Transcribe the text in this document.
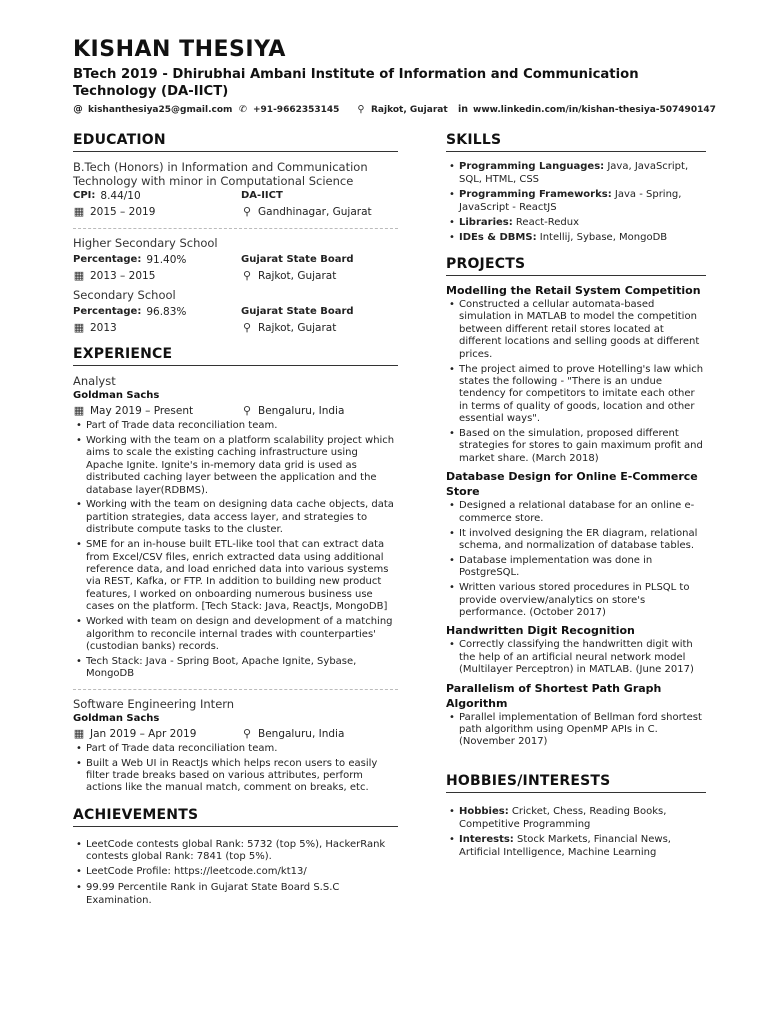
KISHAN THESIYA
BTech 2019 - Dhirubhai Ambani Institute of Information and Communication Technology (DA-IICT)
@ kishanthesiya25@gmail.com ✆ +91-9662353145 ⚲ Rajkot, Gujarat in www.linkedin.com/in/kishan-thesiya-507490147
EDUCATION
B.Tech (Honors) in Information and Communication Technology with minor in Computational Science
CPI: 8.44/10	DA-IICT
▦ 2015 – 2019	⚲ Gandhinagar, Gujarat
Higher Secondary School
Percentage: 91.40%	Gujarat State Board
▦ 2013 – 2015	⚲ Rajkot, Gujarat
Secondary School
Percentage: 96.83%	Gujarat State Board
▦ 2013	⚲ Rajkot, Gujarat
EXPERIENCE
Analyst
Goldman Sachs
▦ May 2019 – Present	⚲ Bengaluru, India
• Part of Trade data reconciliation team.
• Working with the team on a platform scalability project which aims to scale the existing caching infrastructure using Apache Ignite. Ignite's in-memory data grid is used as distributed caching layer between the application and the database layer(RDBMS).
• Working with the team on designing data cache objects, data partition strategies, data access layer, and strategies to distribute compute tasks to the cluster.
• SME for an in-house built ETL-like tool that can extract data from Excel/CSV files, enrich extracted data using additional reference data, and load enriched data into various systems via REST, Kafka, or FTP. In addition to building new product features, I worked on onboarding numerous business use cases on the platform. [Tech Stack: Java, ReactJs, MongoDB]
• Worked with team on design and development of a matching algorithm to reconcile internal trades with counterparties' (custodian banks) records.
• Tech Stack: Java - Spring Boot, Apache Ignite, Sybase, MongoDB
Software Engineering Intern
Goldman Sachs
▦ Jan 2019 – Apr 2019	⚲ Bengaluru, India
• Part of Trade data reconciliation team.
• Built a Web UI in ReactJs which helps recon users to easily filter trade breaks based on various attributes, perform actions like the manual match, comment on breaks, etc.
ACHIEVEMENTS
• LeetCode contests global Rank: 5732 (top 5%), HackerRank contests global Rank: 7841 (top 5%).
• LeetCode Profile: https://leetcode.com/kt13/
• 99.99 Percentile Rank in Gujarat State Board S.S.C Examination.
SKILLS
• Programming Languages: Java, JavaScript, SQL, HTML, CSS
• Programming Frameworks: Java - Spring, JavaScript - ReactJS
• Libraries: React-Redux
• IDEs & DBMS: Intellij, Sybase, MongoDB
PROJECTS
Modelling the Retail System Competition
• Constructed a cellular automata-based simulation in MATLAB to model the competition between different retail stores located at different locations and selling goods at different prices.
• The project aimed to prove Hotelling's law which states the following - "There is an undue tendency for competitors to imitate each other in terms of quality of goods, location and other essential ways".
• Based on the simulation, proposed different strategies for stores to gain maximum profit and market share. (March 2018)
Database Design for Online E-Commerce Store
• Designed a relational database for an online e-commerce store.
• It involved designing the ER diagram, relational schema, and normalization of database tables.
• Database implementation was done in PostgreSQL.
• Written various stored procedures in PLSQL to provide overview/analytics on store's performance. (October 2017)
Handwritten Digit Recognition
• Correctly classifying the handwritten digit with the help of an artificial neural network model (Multilayer Perceptron) in MATLAB. (June 2017)
Parallelism of Shortest Path Graph Algorithm
• Parallel implementation of Bellman ford shortest path algorithm using OpenMP APIs in C. (November 2017)
HOBBIES/INTERESTS
• Hobbies: Cricket, Chess, Reading Books, Competitive Programming
• Interests: Stock Markets, Financial News, Artificial Intelligence, Machine Learning
